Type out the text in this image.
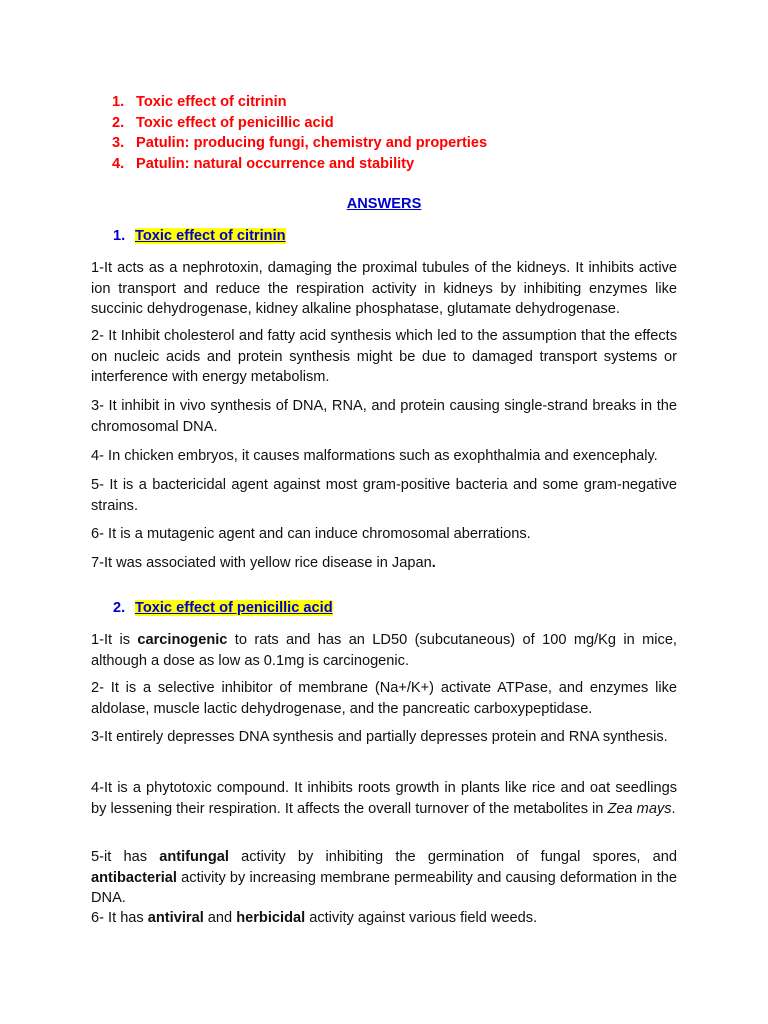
1. Toxic effect of citrinin
2. Toxic effect of penicillic acid
3. Patulin: producing fungi, chemistry and properties
4. Patulin: natural occurrence and stability
ANSWERS
1. Toxic effect of citrinin
1-It acts as a nephrotoxin, damaging the proximal tubules of the kidneys. It inhibits active ion transport and reduce the respiration activity in kidneys by inhibiting enzymes like succinic dehydrogenase, kidney alkaline phosphatase, glutamate dehydrogenase.
2- It Inhibit cholesterol and fatty acid synthesis which led to the assumption that the effects on nucleic acids and protein synthesis might be due to damaged transport systems or interference with energy metabolism.
3- It inhibit in vivo synthesis of DNA, RNA, and protein causing single-strand breaks in the chromosomal DNA.
4- In chicken embryos, it causes malformations such as exophthalmia and exencephaly.
5- It is a bactericidal agent against most gram-positive bacteria and some gram-negative strains.
6- It is a mutagenic agent and can induce chromosomal aberrations.
7-It was associated with yellow rice disease in Japan.
2. Toxic effect of penicillic acid
1-It is carcinogenic to rats and has an LD50 (subcutaneous) of 100 mg/Kg in mice, although a dose as low as 0.1mg is carcinogenic.
2- It is a selective inhibitor of membrane (Na+/K+) activate ATPase, and enzymes like aldolase, muscle lactic dehydrogenase, and the pancreatic carboxypeptidase.
3-It entirely depresses DNA synthesis and partially depresses protein and RNA synthesis.
4-It is a phytotoxic compound. It inhibits roots growth in plants like rice and oat seedlings by lessening their respiration. It affects the overall turnover of the metabolites in Zea mays.
5-it has antifungal activity by inhibiting the germination of fungal spores, and antibacterial activity by increasing membrane permeability and causing deformation in the DNA.
6- It has antiviral and herbicidal activity against various field weeds.
